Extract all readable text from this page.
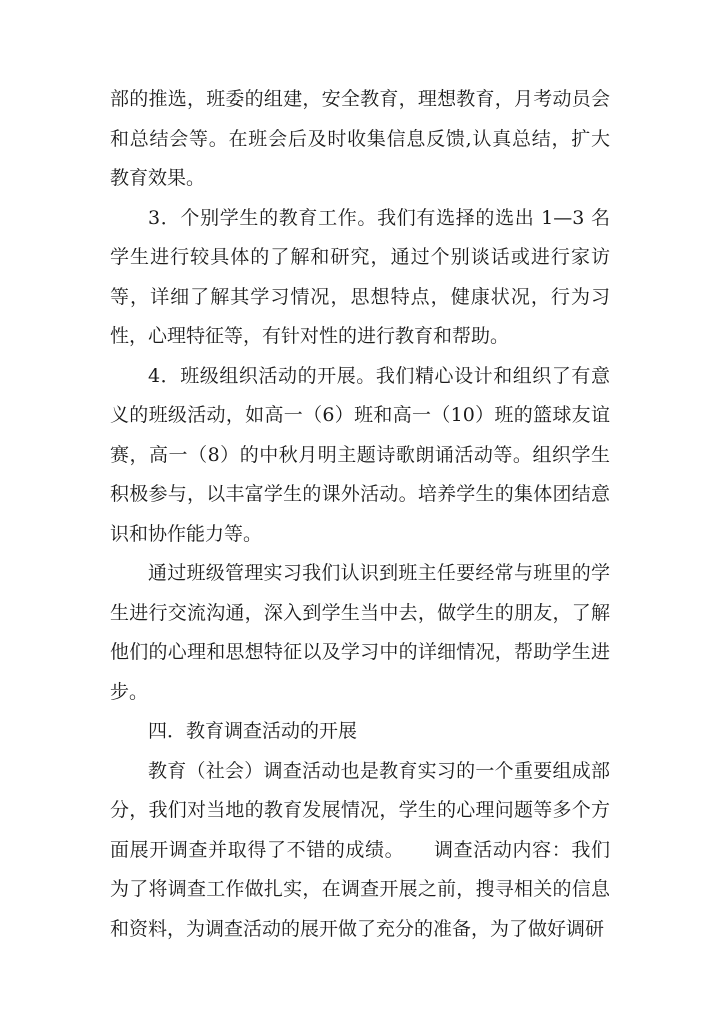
部的推选，班委的组建，安全教育，理想教育，月考动员会和总结会等。在班会后及时收集信息反馈,认真总结，扩大教育效果。

3．个别学生的教育工作。我们有选择的选出 1—3 名学生进行较具体的了解和研究，通过个别谈话或进行家访等，详细了解其学习情况，思想特点，健康状况，行为习性，心理特征等，有针对性的进行教育和帮助。

4．班级组织活动的开展。我们精心设计和组织了有意义的班级活动，如高一（6）班和高一（10）班的篮球友谊赛，高一（8）的中秋月明主题诗歌朗诵活动等。组织学生积极参与，以丰富学生的课外活动。培养学生的集体团结意识和协作能力等。

通过班级管理实习我们认识到班主任要经常与班里的学生进行交流沟通，深入到学生当中去，做学生的朋友，了解他们的心理和思想特征以及学习中的详细情况，帮助学生进步。

四．教育调查活动的开展

教育（社会）调查活动也是教育实习的一个重要组成部分，我们对当地的教育发展情况，学生的心理问题等多个方面展开调查并取得了不错的成绩。　　调查活动内容：我们为了将调查工作做扎实，在调查开展之前，搜寻相关的信息和资料，为调查活动的展开做了充分的准备，为了做好调研
